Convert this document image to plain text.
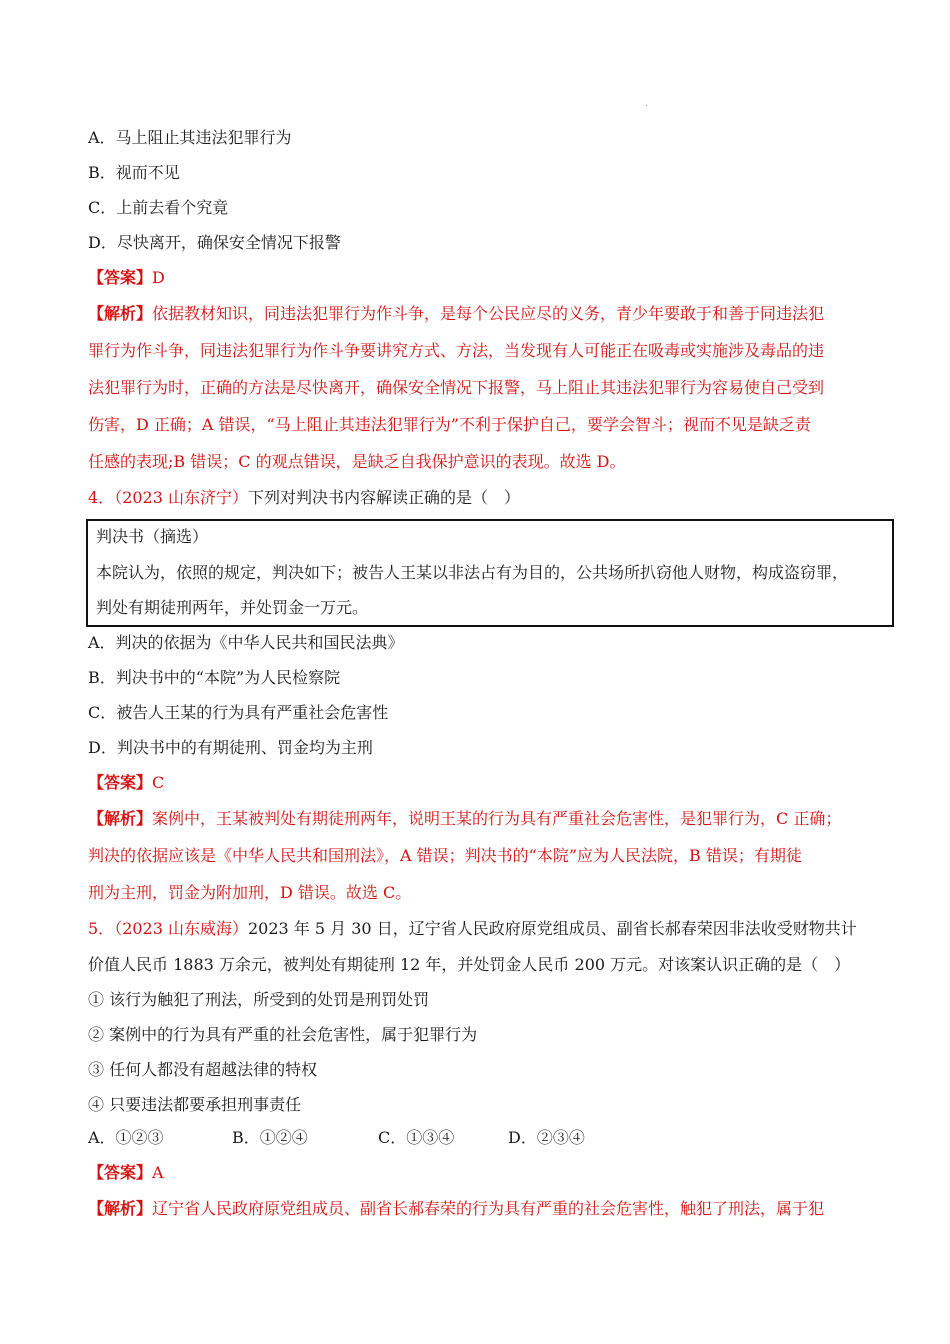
.
A．马上阻止其违法犯罪行为
B．视而不见
C．上前去看个究竟
D．尽快离开，确保安全情况下报警
【答案】D
【解析】依据教材知识，同违法犯罪行为作斗争，是每个公民应尽的义务，青少年要敢于和善于同违法犯
罪行为作斗争，同违法犯罪行为作斗争要讲究方式、方法，当发现有人可能正在吸毒或实施涉及毒品的违
法犯罪行为时，正确的方法是尽快离开，确保安全情况下报警，马上阻止其违法犯罪行为容易使自己受到
伤害，D 正确；A 错误，“马上阻止其违法犯罪行为”不利于保护自己，要学会智斗；视而不见是缺乏责
任感的表现;B 错误；C 的观点错误，是缺乏自我保护意识的表现。故选 D。
4．（2023 山东济宁）下列对判决书内容解读正确的是（　）
判决书（摘选）
本院认为，依照的规定，判决如下；被告人王某以非法占有为目的，公共场所扒窃他人财物，构成盗窃罪，
判处有期徒刑两年，并处罚金一万元。
A．判决的依据为《中华人民共和国民法典》
B．判决书中的“本院”为人民检察院
C．被告人王某的行为具有严重社会危害性
D．判决书中的有期徒刑、罚金均为主刑
【答案】C
【解析】案例中，王某被判处有期徒刑两年，说明王某的行为具有严重社会危害性，是犯罪行为，C 正确；
判决的依据应该是《中华人民共和国刑法》，A 错误；判决书的“本院”应为人民法院，B 错误；有期徒
刑为主刑，罚金为附加刑，D 错误。故选 C。
5．（2023 山东威海）2023 年 5 月 30 日，辽宁省人民政府原党组成员、副省长郝春荣因非法收受财物共计
价值人民币 1883 万余元，被判处有期徒刑 12 年，并处罚金人民币 200 万元。对该案认识正确的是（　）
① 该行为触犯了刑法，所受到的处罚是刑罚处罚
② 案例中的行为具有严重的社会危害性，属于犯罪行为
③ 任何人都没有超越法律的特权
④ 只要违法都要承担刑事责任
A．①②③	B．①②④	C．①③④	D．②③④
【答案】A
【解析】辽宁省人民政府原党组成员、副省长郝春荣的行为具有严重的社会危害性，触犯了刑法，属于犯
